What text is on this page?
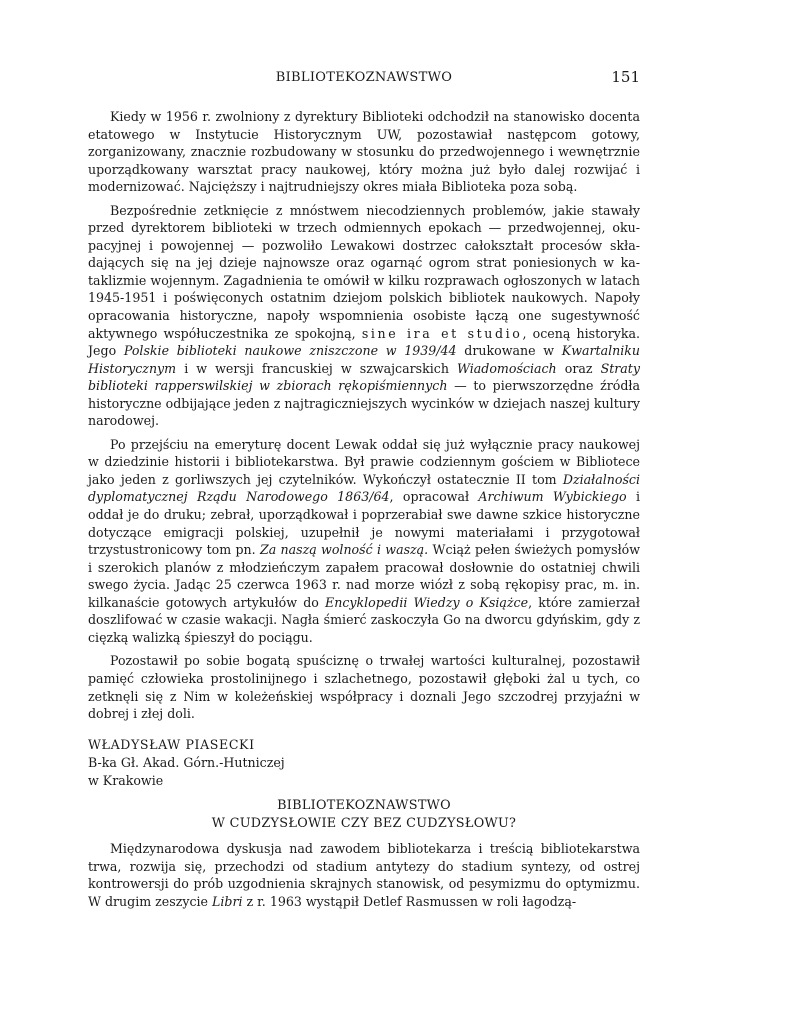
BIBLIOTEKOZNAWSTWO	151

Kiedy w 1956 r. zwolniony z dyrektury Biblioteki odchodził na stanowisko docenta etatowego w Instytucie Historycznym UW, pozostawiał następcom gotowy, zorganizowany, znacznie rozbudowany w stosunku do przedwojennego i wewnętrznie uporządkowany warsztat pracy naukowej, który można już było dalej rozwijać i modernizować. Najcięższy i najtrudniejszy okres miała Biblioteka poza sobą.

Bezpośrednie zetknięcie z mnóstwem niecodziennych problemów, jakie stawały przed dyrektorem biblioteki w trzech odmiennych epokach — przedwojennej, okupacyjnej i powojennej — pozwoliło Lewakowi dostrzec całokształt procesów składających się na jej dzieje najnowsze oraz ogarnąć ogrom strat poniesionych w kataklizmie wojennym. Zagadnienia te omówił w kilku rozprawach ogłoszonych w latach 1945-1951 i poświęconych ostatnim dziejom polskich bibliotek naukowych. Napoły opracowania historyczne, napoły wspomnienia osobiste łączą one sugestywność aktywnego współuczestnika ze spokojną, sine ira et studio, oceną historyka. Jego Polskie biblioteki naukowe zniszczone w 1939/44 drukowane w Kwartalniku Historycznym i w wersji francuskiej w szwajcarskich Wiadomościach oraz Straty biblioteki rapperswilskiej w zbiorach rękopiśmiennych — to pierwszorzędne źródła historyczne odbijające jeden z najtragiczniejszych wycinków w dziejach naszej kultury narodowej.

Po przejściu na emeryturę docent Lewak oddał się już wyłącznie pracy naukowej w dziedzinie historii i bibliotekarstwa. Był prawie codziennym gościem w Bibliotece jako jeden z gorliwszych jej czytelników. Wykończył ostatecznie II tom Działalności dyplomatycznej Rządu Narodowego 1863/64, opracował Archiwum Wybickiego i oddał je do druku; zebrał, uporządkował i poprzerabiał swe dawne szkice historyczne dotyczące emigracji polskiej, uzupełnił je nowymi materiałami i przygotował trzystustronicowy tom pn. Za naszą wolność i waszą. Wciąż pełen świeżych pomysłów i szerokich planów z młodzieńczym zapałem pracował dosłownie do ostatniej chwili swego życia. Jadąc 25 czerwca 1963 r. nad morze wiózł z sobą rękopisy prac, m. in. kilkanaście gotowych artykułów do Encyklopedii Wiedzy o Książce, które zamierzał doszlifować w czasie wakacji. Nagła śmierć zaskoczyła Go na dworcu gdyńskim, gdy z cięzką walizką śpieszył do pociągu.

Pozostawił po sobie bogatą spuściznę o trwałej wartości kulturalnej, pozostawił pamięć człowieka prostolinijnego i szlachetnego, pozostawił głęboki żal u tych, co zetknęli się z Nim w koleżeńskiej współpracy i doznali Jego szczodrej przyjaźni w dobrej i złej doli.

WŁADYSŁAW PIASECKI
B-ka Gł. Akad. Górn.-Hutniczej
w Krakowie
BIBLIOTEKOZNAWSTWO
W CUDZYSŁOWIE CZY BEZ CUDZYSŁOWU?

Międzynarodowa dyskusja nad zawodem bibliotekarza i treścią bibliotekarstwa trwa, rozwija się, przechodzi od stadium antytezy do stadium syntezy, od ostrej kontrowersji do prób uzgodnienia skrajnych stanowisk, od pesymizmu do optymizmu. W drugim zeszycie Libri z r. 1963 wystąpił Detlef Rasmussen w roli łagodzą-
